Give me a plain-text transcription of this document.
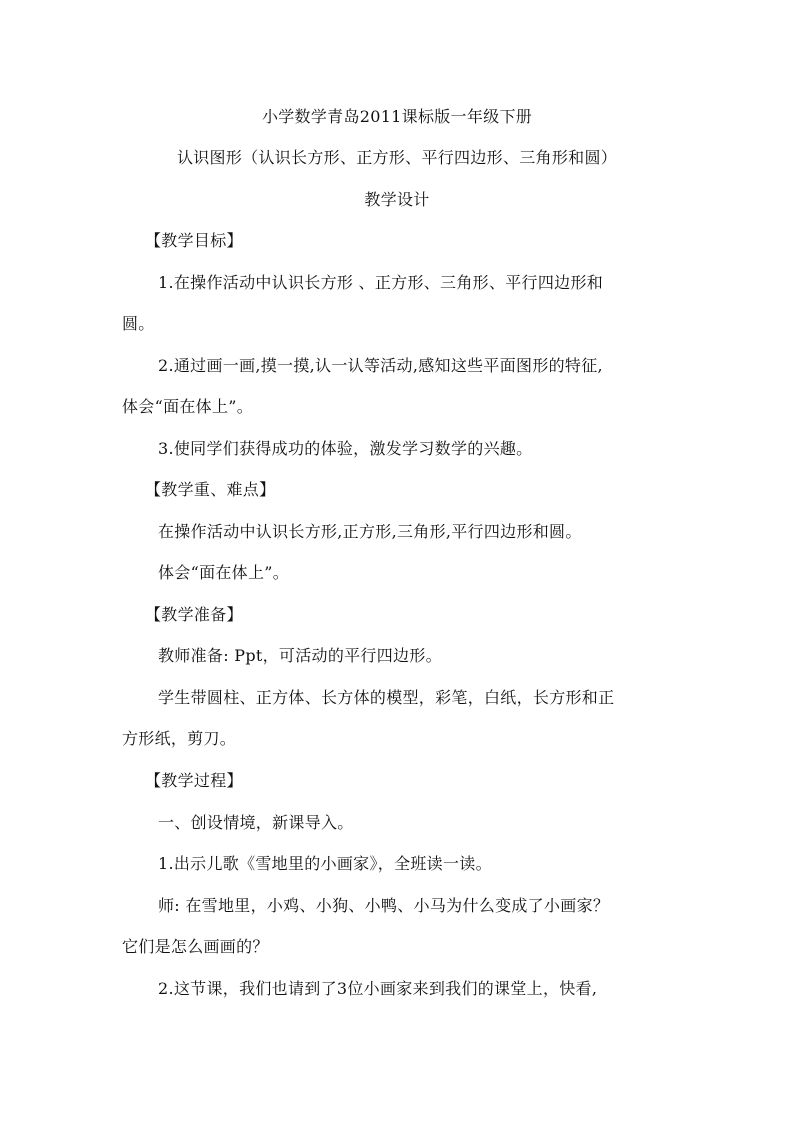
小学数学青岛2011课标版一年级下册
认识图形（认识长方形、正方形、平行四边形、三角形和圆）
教学设计
【教学目标】
1.在操作活动中认识长方形 、正方形、三角形、平行四边形和
圆。
2.通过画一画,摸一摸,认一认等活动,感知这些平面图形的特征,
体会“面在体上”。
3.使同学们获得成功的体验，激发学习数学的兴趣。
【教学重、难点】
在操作活动中认识长方形,正方形,三角形,平行四边形和圆。
体会“面在体上”。
【教学准备】
教师准备: Ppt，可活动的平行四边形。
学生带圆柱、正方体、长方体的模型，彩笔，白纸，长方形和正
方形纸，剪刀。
【教学过程】
一、创设情境，新课导入。
1.出示儿歌《雪地里的小画家》，全班读一读。
师: 在雪地里，小鸡、小狗、小鸭、小马为什么变成了小画家？
它们是怎么画画的？
2.这节课，我们也请到了3位小画家来到我们的课堂上，快看,
